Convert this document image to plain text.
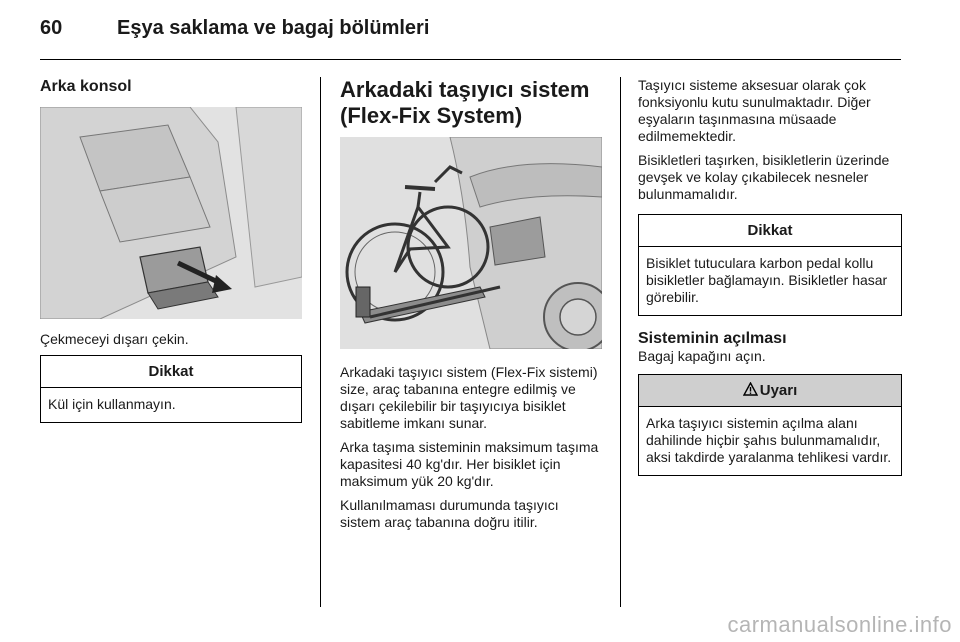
60	Eşya saklama ve bagaj bölümleri
Arka konsol

Çekmeceyi dışarı çekin.

Dikkat
Kül için kullanmayın.
Arkadaki taşıyıcı sistem
(Flex-Fix System)

Arkadaki taşıyıcı sistem (Flex-Fix sistemi) size, araç tabanına entegre edilmiş ve dışarı çekilebilir bir taşıyıcıya bisiklet sabitleme imkanı sunar.

Arka taşıma sisteminin maksimum taşıma kapasitesi 40 kg'dır. Her bisiklet için maksimum yük 20 kg'dır.

Kullanılmaması durumunda taşıyıcı sistem araç tabanına doğru itilir.

Taşıyıcı sisteme aksesuar olarak çok fonksiyonlu kutu sunulmaktadır. Diğer eşyaların taşınmasına müsaade edilmemektedir.

Bisikletleri taşırken, bisikletlerin üzerinde gevşek ve kolay çıkabilecek nesneler bulunmamalıdır.

Dikkat
Bisiklet tutuculara karbon pedal kollu bisikletler bağlamayın. Bisikletler hasar görebilir.
Sisteminin açılması

Bagaj kapağını açın.

Uyarı
Arka taşıyıcı sistemin açılma alanı dahilinde hiçbir şahıs bulunmamalıdır, aksi takdirde yaralanma tehlikesi vardır.
carmanualsonline.info
